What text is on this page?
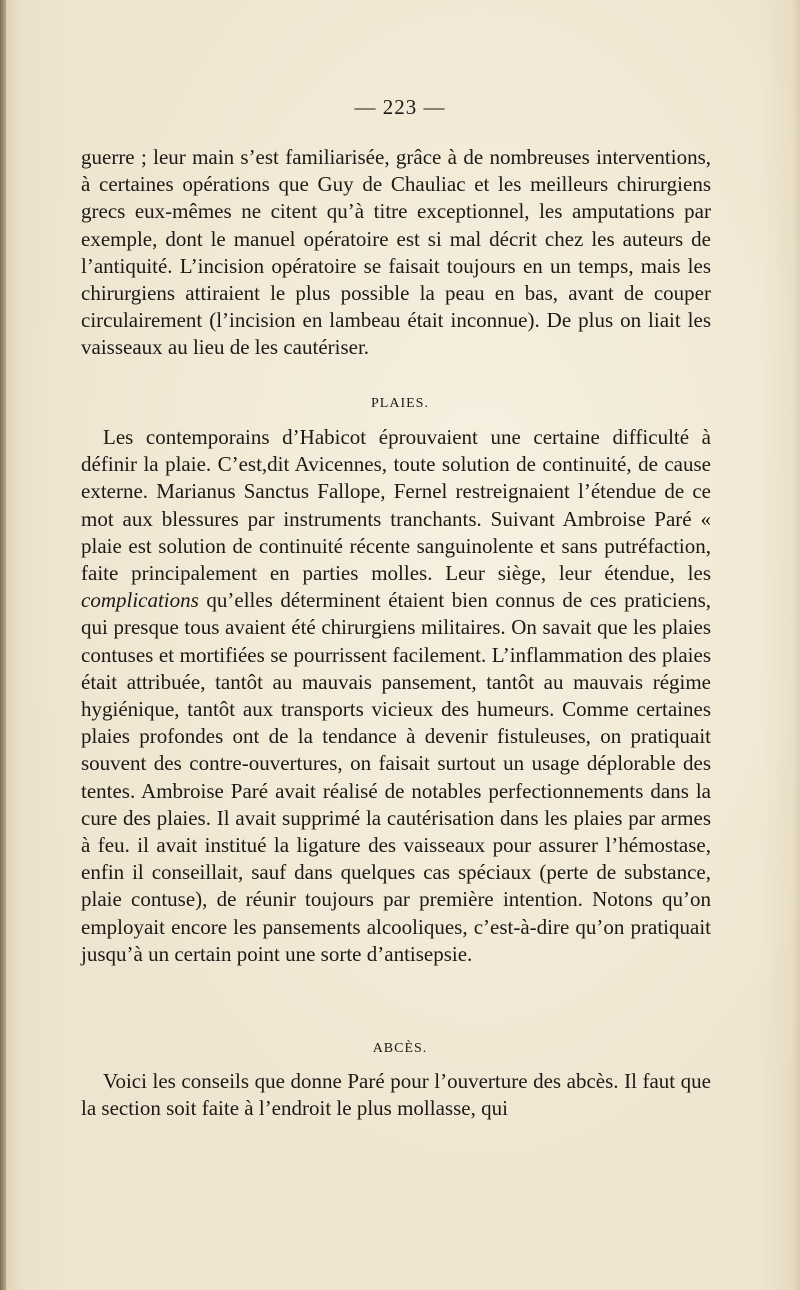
— 223 —

guerre ; leur main s’est familiarisée, grâce à de nombreuses interventions, à certaines opérations que Guy de Chauliac et les meilleurs chirurgiens grecs eux-mêmes ne citent qu’à titre exceptionnel, les amputations par exemple, dont le manuel opératoire est si mal décrit chez les auteurs de l’antiquité. L’incision opératoire se faisait toujours en un temps, mais les chirurgiens attiraient le plus possible la peau en bas, avant de couper circulairement (l’incision en lambeau était inconnue). De plus on liait les vaisseaux au lieu de les cautériser.

PLAIES.

Les contemporains d’Habicot éprouvaient une certaine difficulté à définir la plaie. C’est,dit Avicennes, toute solution de continuité, de cause externe. Marianus Sanctus Fallope, Fernel restreignaient l’étendue de ce mot aux blessures par instruments tranchants. Suivant Ambroise Paré « plaie est solution de continuité récente sanguinolente et sans putréfaction, faite principalement en parties molles. Leur siège, leur étendue, les complications qu’elles déterminent étaient bien connus de ces praticiens, qui presque tous avaient été chirurgiens militaires. On savait que les plaies contuses et mortifiées se pourrissent facilement. L’inflammation des plaies était attribuée, tantôt au mauvais pansement, tantôt au mauvais régime hygiénique, tantôt aux transports vicieux des humeurs. Comme certaines plaies profondes ont de la tendance à devenir fistuleuses, on pratiquait souvent des contre-ouvertures, on faisait surtout un usage déplorable des tentes. Ambroise Paré avait réalisé de notables perfectionnements dans la cure des plaies. Il avait supprimé la cautérisation dans les plaies par armes à feu. il avait institué la ligature des vaisseaux pour assurer l’hémostase, enfin il conseillait, sauf dans quelques cas spéciaux (perte de substance, plaie contuse), de réunir toujours par première intention. Notons qu’on employait encore les pansements alcooliques, c’est-à-dire qu’on pratiquait jusqu’à un certain point une sorte d’antisepsie.

ABCÈS.

Voici les conseils que donne Paré pour l’ouverture des abcès. Il faut que la section soit faite à l’endroit le plus mollasse, qui
